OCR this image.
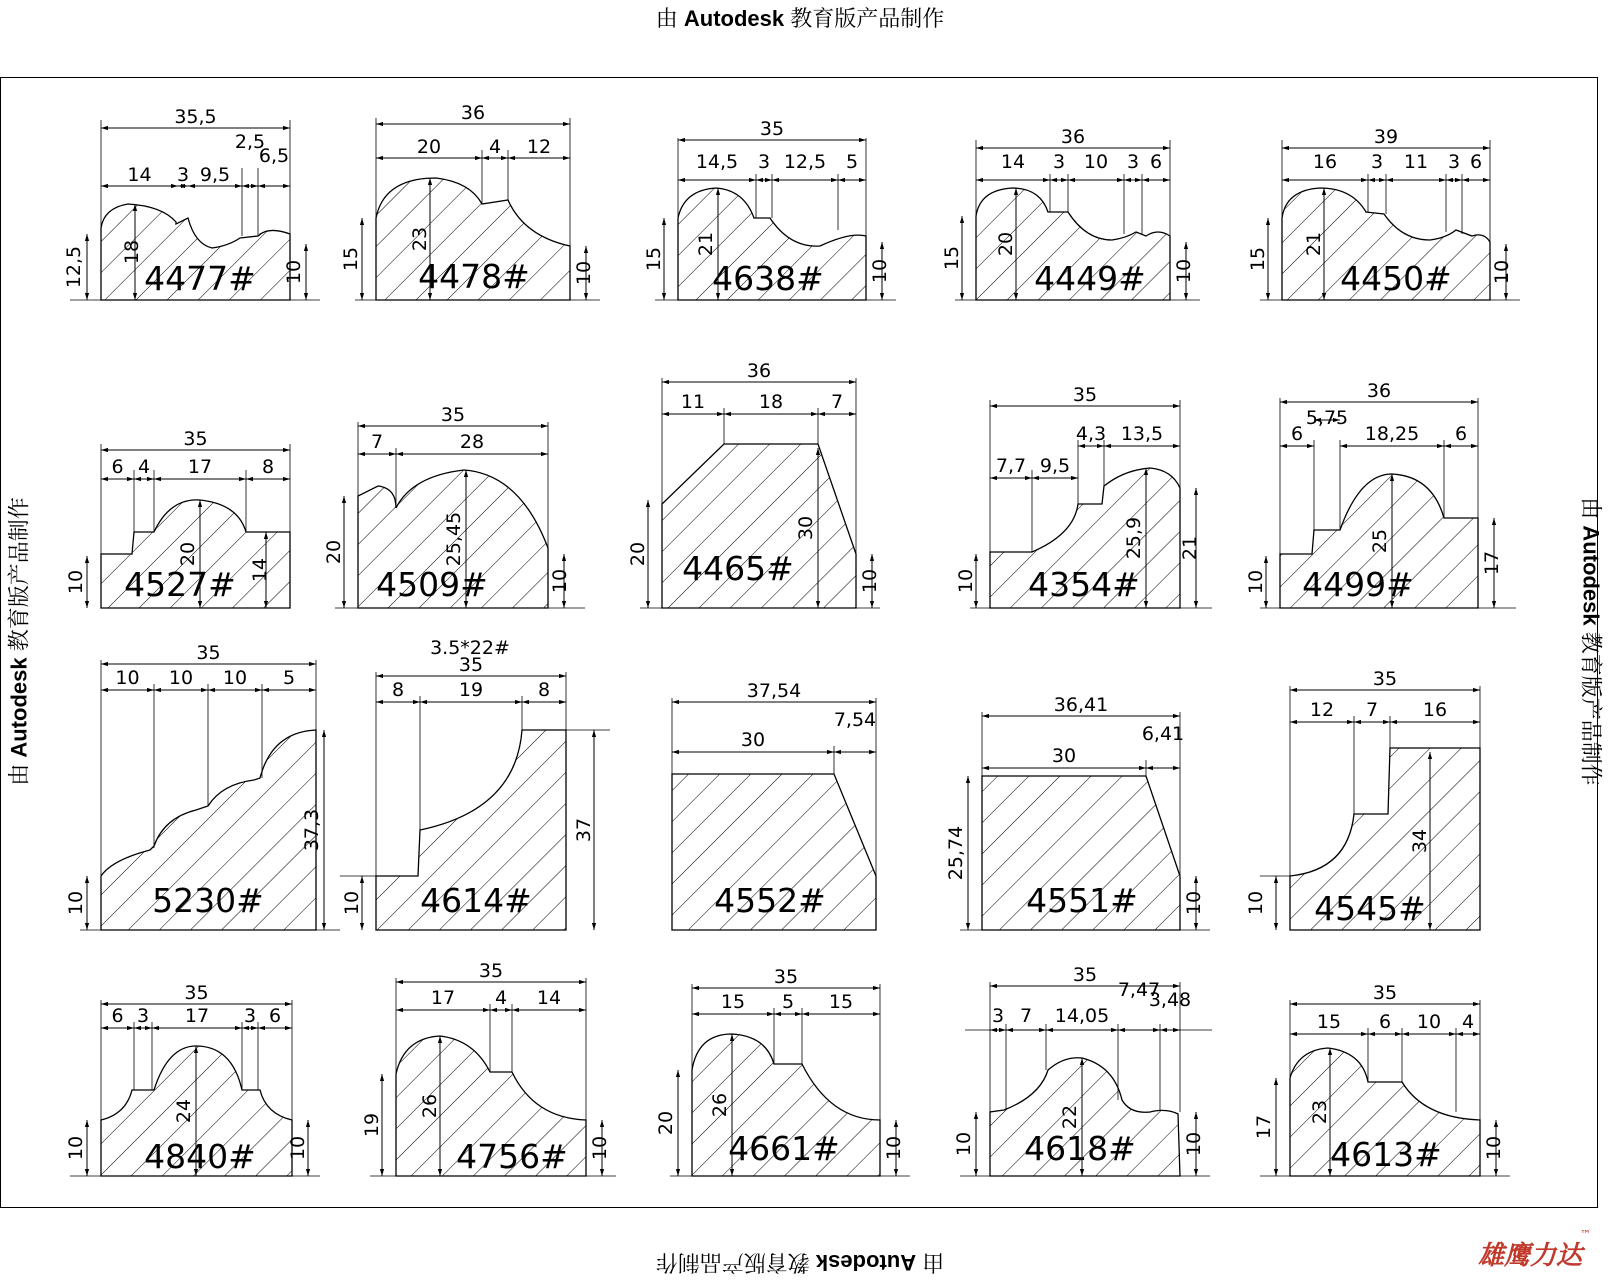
由 Autodesk 教育版产品制作
由 Autodesk 教育版产品制作	由 Autodesk 教育版产品制作
由 Autodesk 教育版产品制作
35,5
14 3 9,5
2,5
6,5
12,5 18
10
4477#
36
20	4 12
15
23
10
4478#
35
14,5 3 12,5 5
15
21
10
4638#
36
14 3 10 3 6
15
20
10
4449#
39
16 3 11 3 6
15
21
10
4450#
35
6 4 17	8
10
20
14
4527#
35
7	28
20	25,45
10
4509#
36
11	18	7
20
30
10
4465#
35
4,3 13,5
7,7 9,5
10
25,9 21
4354#
36
5,75
6	18,25 6
10
25
17
4499#
35
10 10 10 5
10
37,3
5230#
3.5*22#
35
8	19	8
10
37
4614#
37,54
30
7,54
4552#
36,41
30
6,41
25,74
10
4551#
35
12 7 16
10
34
4545#
35
6 3 17 3 6
10
24
10
4840#
35
17 4 14
19
26
10
4756#
35
15 5 15
20
26
10
4661#
35
7,47
3,48
3 7 14,05
10
22
10
4618#
35
15 6 10 4
17
23
10
4613#
雄鹰力达
™
